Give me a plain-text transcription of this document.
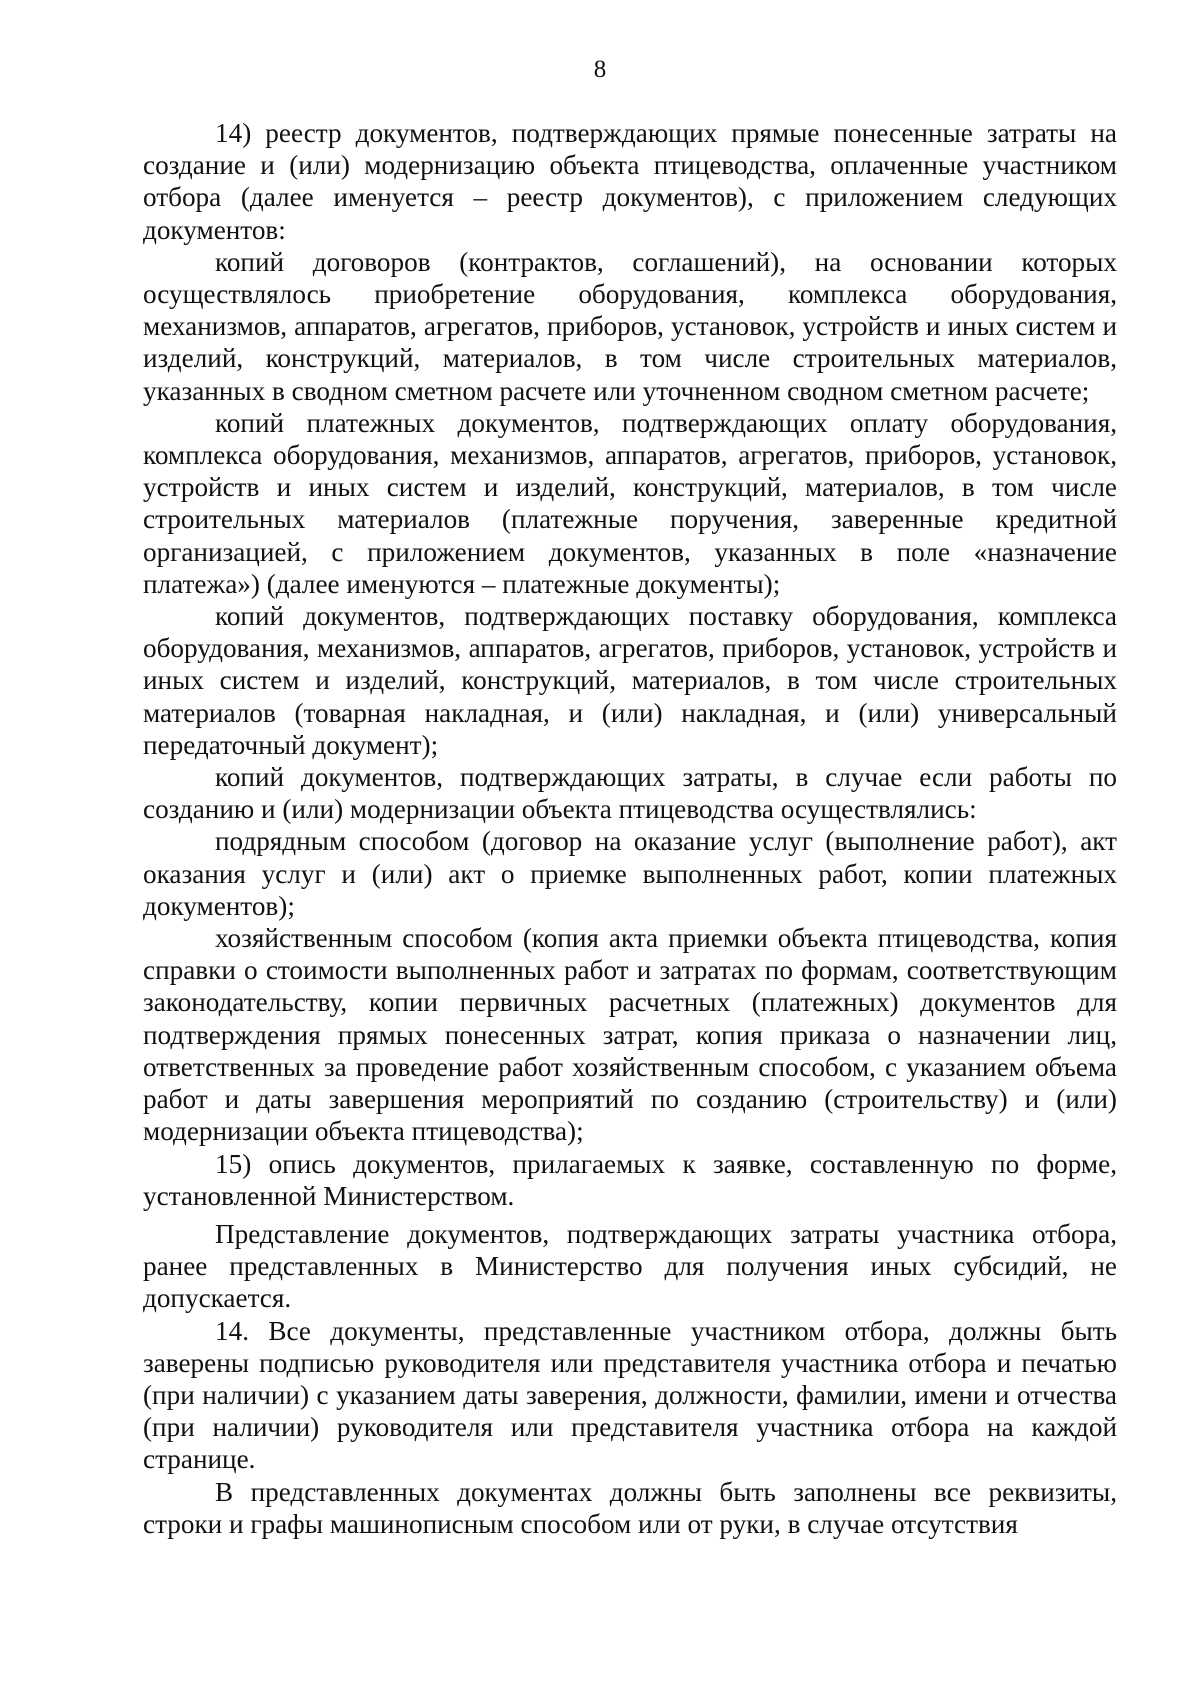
8

14) реестр документов, подтверждающих прямые понесенные затраты на создание и (или) модернизацию объекта птицеводства, оплаченные участником отбора (далее именуется – реестр документов), с приложением следующих документов:

копий договоров (контрактов, соглашений), на основании которых осуществлялось приобретение оборудования, комплекса оборудования, механизмов, аппаратов, агрегатов, приборов, установок, устройств и иных систем и изделий, конструкций, материалов, в том числе строительных материалов, указанных в сводном сметном расчете или уточненном сводном сметном расчете;

копий платежных документов, подтверждающих оплату оборудования, комплекса оборудования, механизмов, аппаратов, агрегатов, приборов, установок, устройств и иных систем и изделий, конструкций, материалов, в том числе строительных материалов (платежные поручения, заверенные кредитной организацией, с приложением документов, указанных в поле «назначение платежа») (далее именуются – платежные документы);

копий документов, подтверждающих поставку оборудования, комплекса оборудования, механизмов, аппаратов, агрегатов, приборов, установок, устройств и иных систем и изделий, конструкций, материалов, в том числе строительных материалов (товарная накладная, и (или) накладная, и (или) универсальный передаточный документ);

копий документов, подтверждающих затраты, в случае если работы по созданию и (или) модернизации объекта птицеводства осуществлялись:

подрядным способом (договор на оказание услуг (выполнение работ), акт оказания услуг и (или) акт о приемке выполненных работ, копии платежных документов);

хозяйственным способом (копия акта приемки объекта птицеводства, копия справки о стоимости выполненных работ и затратах по формам, соответствующим законодательству, копии первичных расчетных (платежных) документов для подтверждения прямых понесенных затрат, копия приказа о назначении лиц, ответственных за проведение работ хозяйственным способом, с указанием объема работ и даты завершения мероприятий по созданию (строительству) и (или) модернизации объекта птицеводства);

15) опись документов, прилагаемых к заявке, составленную по форме, установленной Министерством.

Представление документов, подтверждающих затраты участника отбора, ранее представленных в Министерство для получения иных субсидий, не допускается.

14. Все документы, представленные участником отбора, должны быть заверены подписью руководителя или представителя участника отбора и печатью (при наличии) с указанием даты заверения, должности, фамилии, имени и отчества (при наличии) руководителя или представителя участника отбора на каждой странице.

В представленных документах должны быть заполнены все реквизиты, строки и графы машинописным способом или от руки, в случае отсутствия
